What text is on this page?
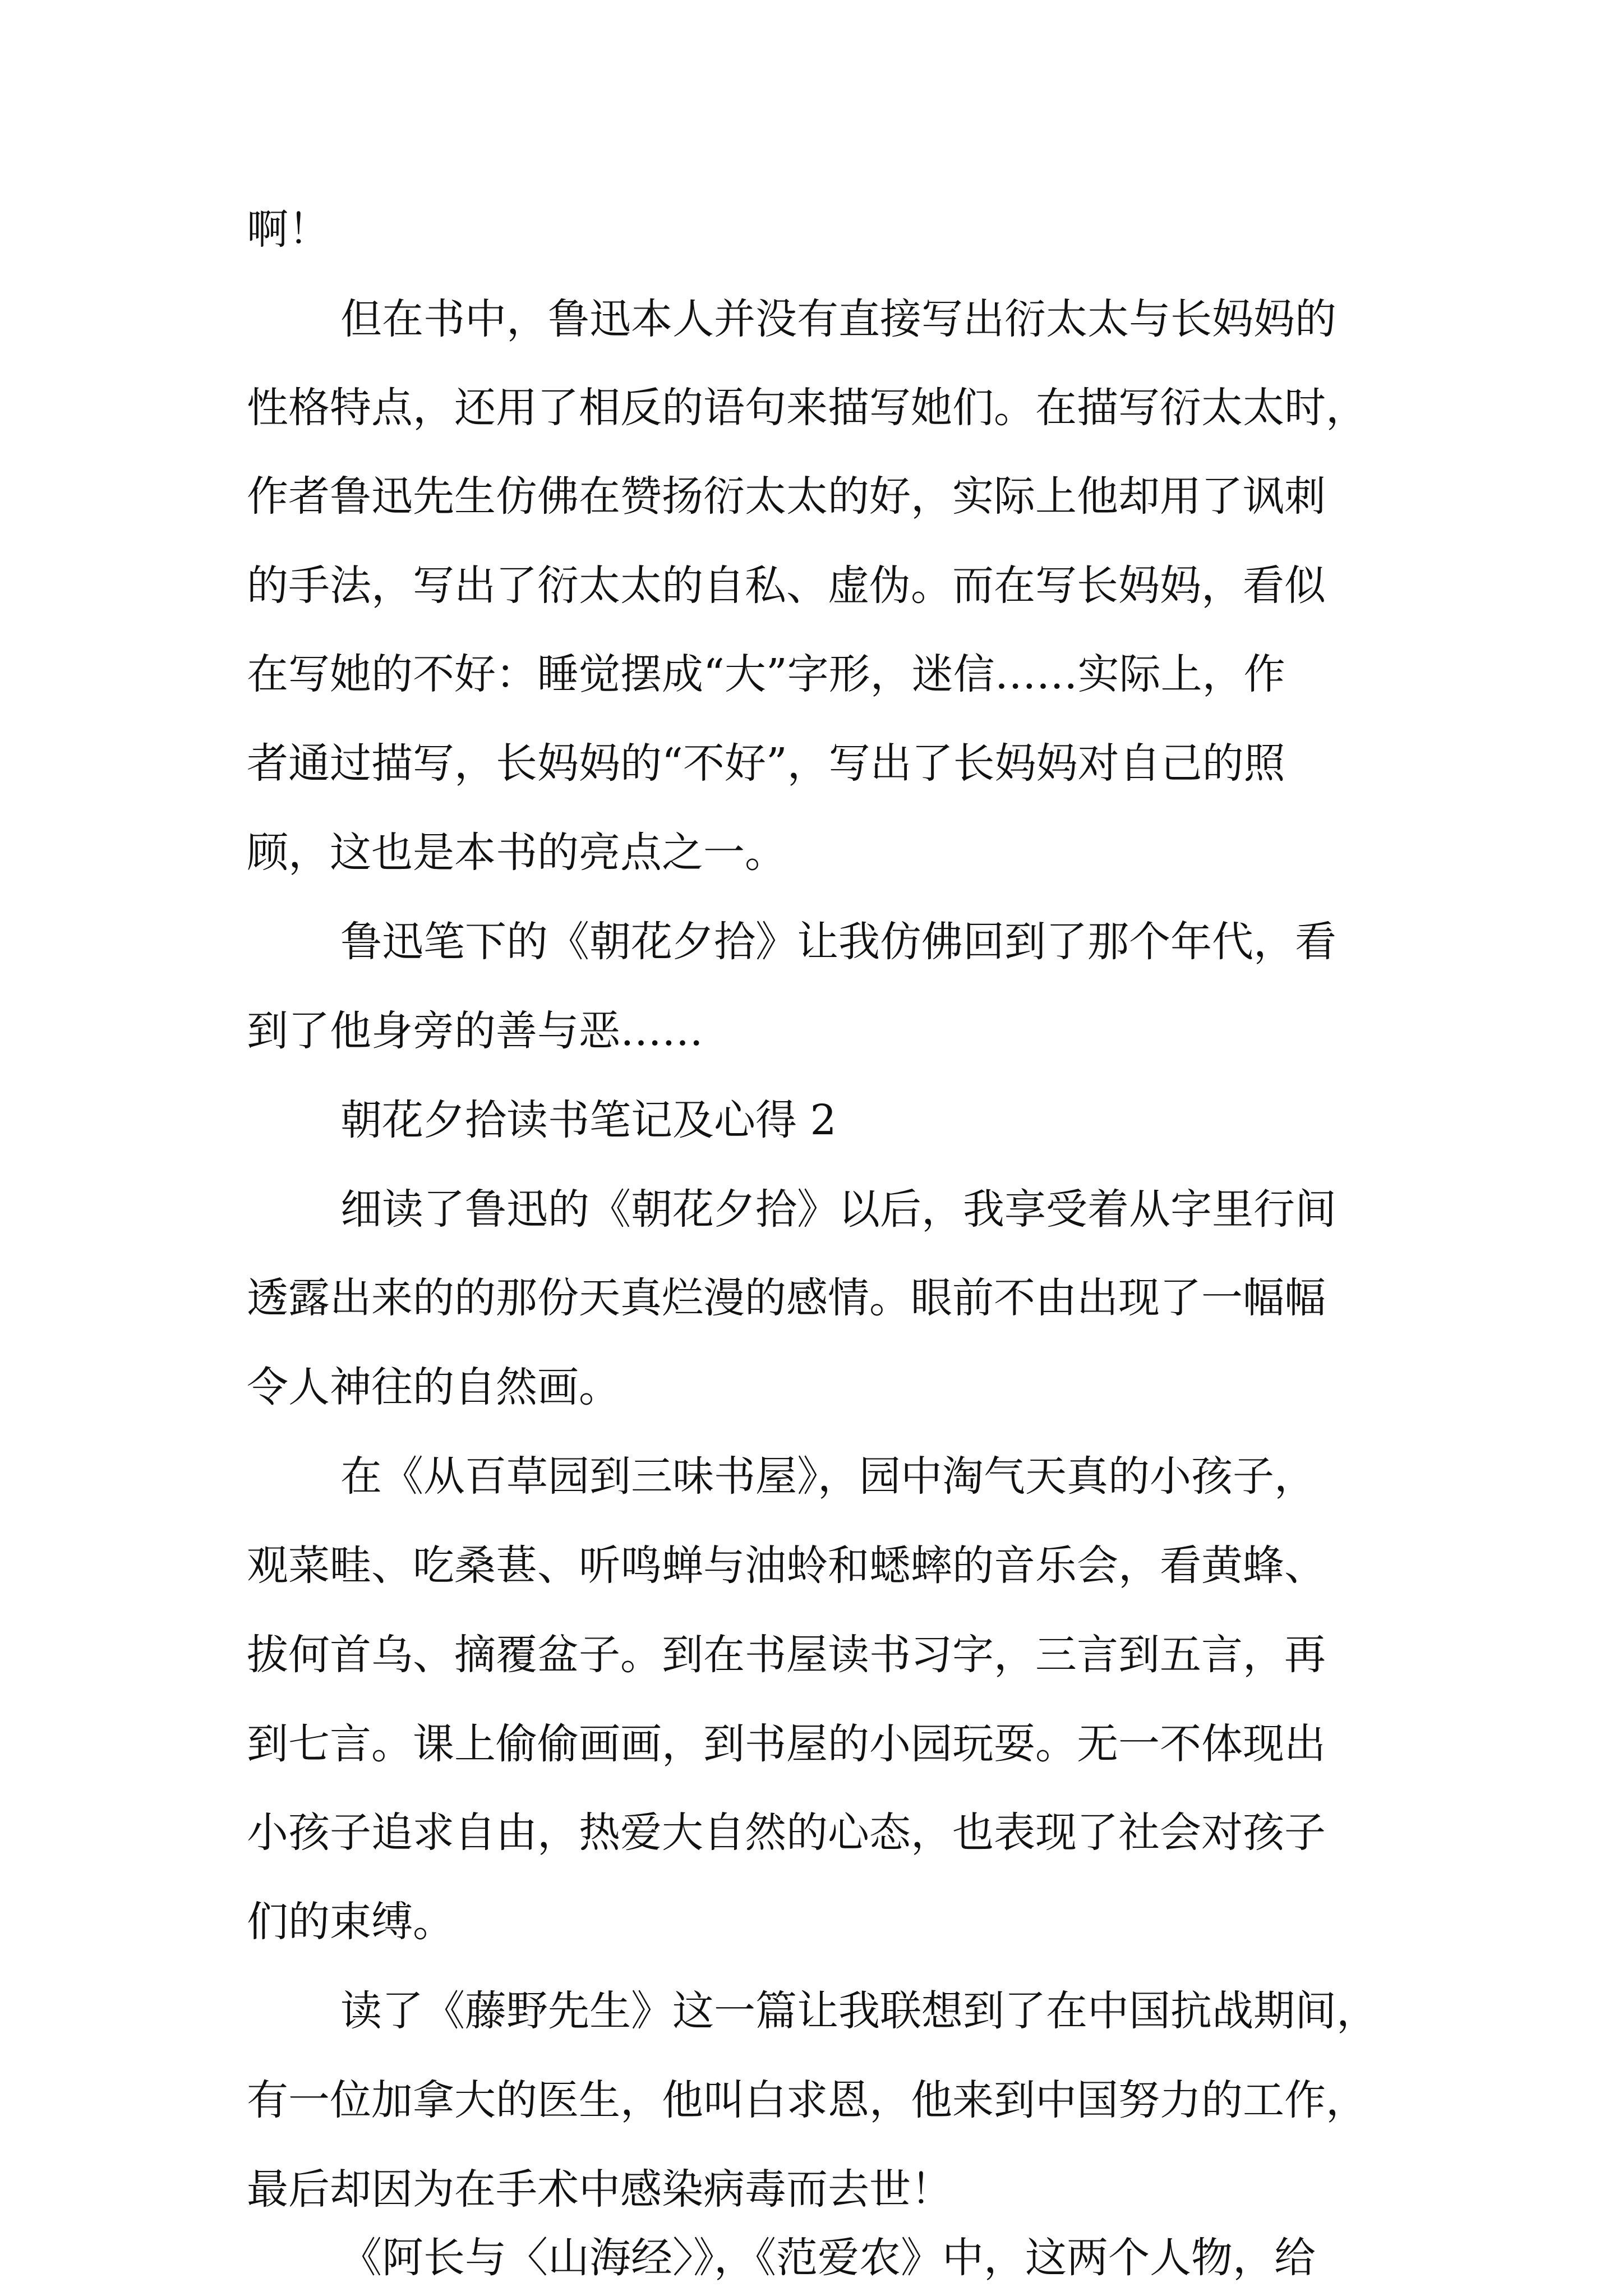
啊！
但在书中，鲁迅本人并没有直接写出衍太太与长妈妈的
性格特点，还用了相反的语句来描写她们。在描写衍太太时，
作者鲁迅先生仿佛在赞扬衍太太的好，实际上他却用了讽刺
的手法，写出了衍太太的自私、虚伪。而在写长妈妈，看似
在写她的不好：睡觉摆成“大”字形，迷信……实际上，作
者通过描写，长妈妈的“不好”，写出了长妈妈对自己的照
顾，这也是本书的亮点之一。
鲁迅笔下的《朝花夕拾》让我仿佛回到了那个年代，看
到了他身旁的善与恶……
朝花夕拾读书笔记及心得 2
细读了鲁迅的《朝花夕拾》以后，我享受着从字里行间
透露出来的的那份天真烂漫的感情。眼前不由出现了一幅幅
令人神往的自然画。
在《从百草园到三味书屋》，园中淘气天真的小孩子，
观菜畦、吃桑葚、听鸣蝉与油蛉和蟋蟀的音乐会，看黄蜂、
拔何首乌、摘覆盆子。到在书屋读书习字，三言到五言，再
到七言。课上偷偷画画，到书屋的小园玩耍。无一不体现出
小孩子追求自由，热爱大自然的心态，也表现了社会对孩子
们的束缚。
读了《藤野先生》这一篇让我联想到了在中国抗战期间，
有一位加拿大的医生，他叫白求恩，他来到中国努力的工作，
最后却因为在手术中感染病毒而去世！
《阿长与〈山海经〉》，《范爱农》中，这两个人物，给
